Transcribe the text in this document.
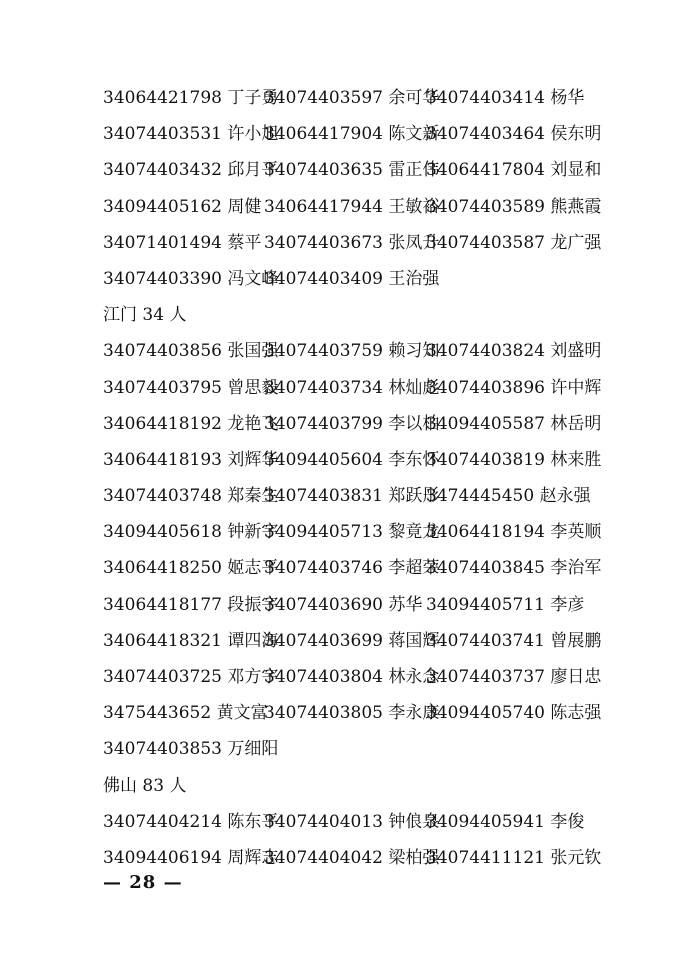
34064421798 丁子勇
34074403597 余可华
34074403414 杨华
34074403531 许小旭
34064417904 陈文新
34074403464 侯东明
34074403432 邱月平
34074403635 雷正伟
34064417804 刘显和
34094405162 周健 34064417944 王敏裕
34074403589 熊燕霞
34071401494 蔡平 34074403673 张凤升
34074403587 龙广强
34074403390 冯文峰
34074403409 王治强
江门 34 人
34074403856 张国强
34074403759 赖习知
34074403824 刘盛明
34074403795 曾思毅
34074403734 林灿彪
34074403896 许中辉
34064418192 龙艳飞
34074403799 李以柏
34094405587 林岳明
34064418193 刘辉华
34094405604 李东怀
34074403819 林来胜
34074403748 郑秦生
34074403831 郑跃彤
3474445450 赵永强
34094405618 钟新宇
34094405713 黎竟龙
34064418194 李英顺
34064418250 姬志平
34074403746 李超荣
34074403845 李治军
34064418177 段振宇
34074403690 苏华 34094405711 李彦
34064418321 谭四海
34074403699 蒋国辉
34074403741 曾展鹏
34074403725 邓方宇
34074403804 林永念
34074403737 廖日忠
3475443652 黄文富
34074403805 李永康
34094405740 陈志强
34074403853 万细阳
佛山 83 人
34074404214 陈东平
34074404013 钟俍泉
34094405941 李俊
34094406194 周辉志
34074404042 梁柏强
34074411121 张元钦
— 28 —
